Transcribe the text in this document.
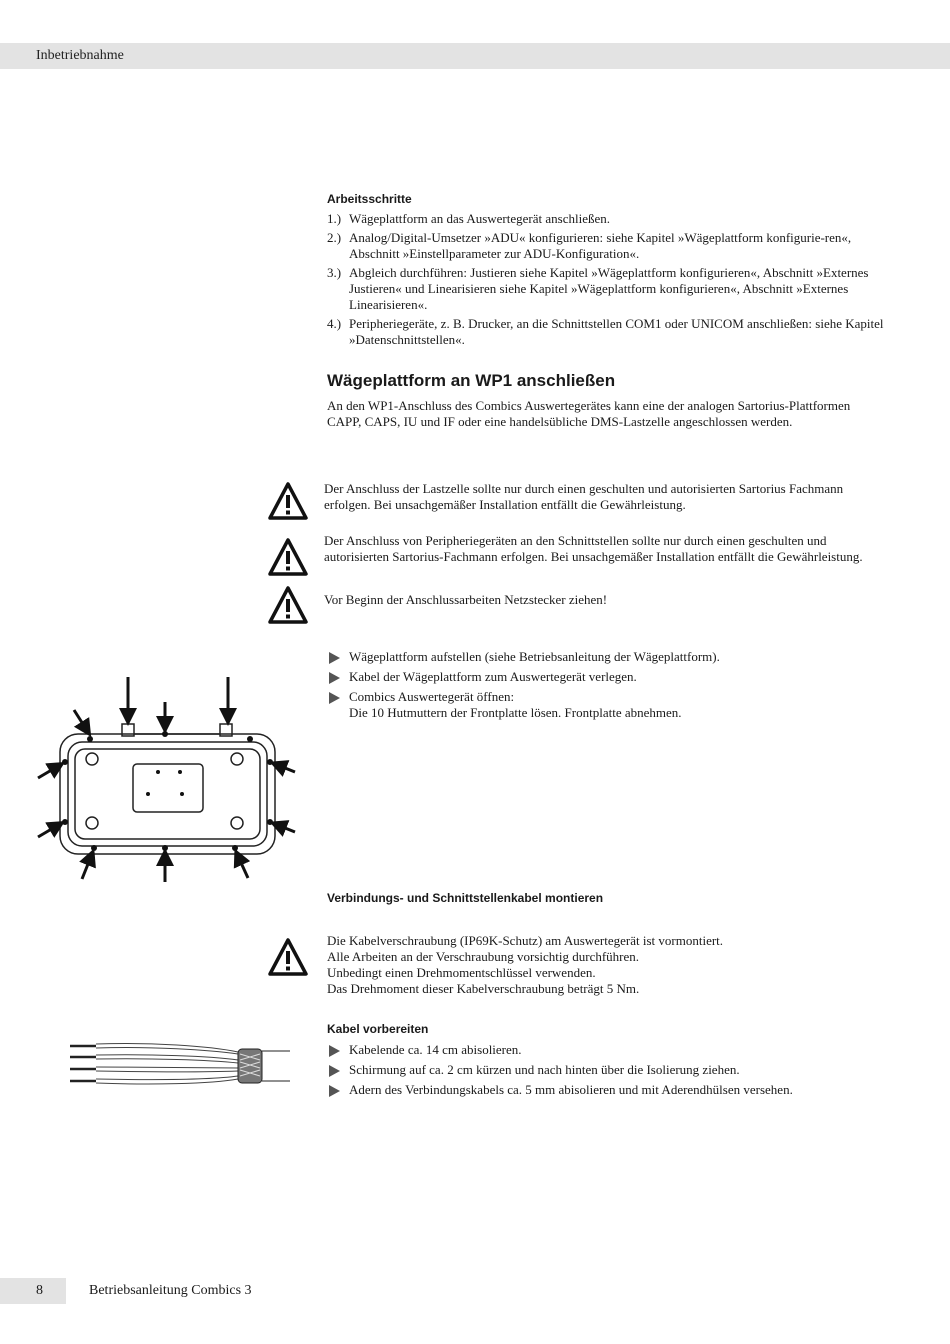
Inbetriebnahme
Arbeitsschritte
1.) Wägeplattform an das Auswertegerät anschließen.
2.) Analog/Digital-Umsetzer »ADU« konfigurieren: siehe Kapitel »Wägeplattform konfigurie-ren«, Abschnitt »Einstellparameter zur ADU-Konfiguration«.
3.) Abgleich durchführen: Justieren siehe Kapitel »Wägeplattform konfigurieren«, Abschnitt »Externes Justieren« und Linearisieren siehe Kapitel »Wägeplattform konfigurieren«, Abschnitt »Externes Linearisieren«.
4.) Peripheriegeräte, z. B. Drucker, an die Schnittstellen COM1 oder UNICOM anschließen: siehe Kapitel »Datenschnittstellen«.
Wägeplattform an WP1 anschließen

An den WP1-Anschluss des Combics Auswertegerätes kann eine der analogen Sartorius-Plattformen CAPP, CAPS, IU und IF oder eine handelsübliche DMS-Lastzelle angeschlossen werden.

Der Anschluss der Lastzelle sollte nur durch einen geschulten und autorisierten Sartorius Fachmann erfolgen. Bei unsachgemäßer Installation entfällt die Gewährleistung.
Der Anschluss von Peripheriegeräten an den Schnittstellen sollte nur durch einen geschulten und autorisierten Sartorius-Fachmann erfolgen. Bei unsachgemäßer Installation entfällt die Gewährleistung.
Vor Beginn der Anschlussarbeiten Netzstecker ziehen!
Wägeplattform aufstellen (siehe Betriebsanleitung der Wägeplattform).
Kabel der Wägeplattform zum Auswertegerät verlegen.
Combics Auswertegerät öffnen:
Die 10 Hutmuttern der Frontplatte lösen. Frontplatte abnehmen.
Verbindungs- und Schnittstellenkabel montieren
Die Kabelverschraubung (IP69K-Schutz) am Auswertegerät ist vormontiert.
Alle Arbeiten an der Verschraubung vorsichtig durchführen.
Unbedingt einen Drehmomentschlüssel verwenden.
Das Drehmoment dieser Kabelverschraubung beträgt 5 Nm.
Kabel vorbereiten
Kabelende ca. 14 cm abisolieren.
Schirmung auf ca. 2 cm kürzen und nach hinten über die Isolierung ziehen.
Adern des Verbindungskabels ca. 5 mm abisolieren und mit Aderendhülsen versehen.
8	Betriebsanleitung Combics 3
